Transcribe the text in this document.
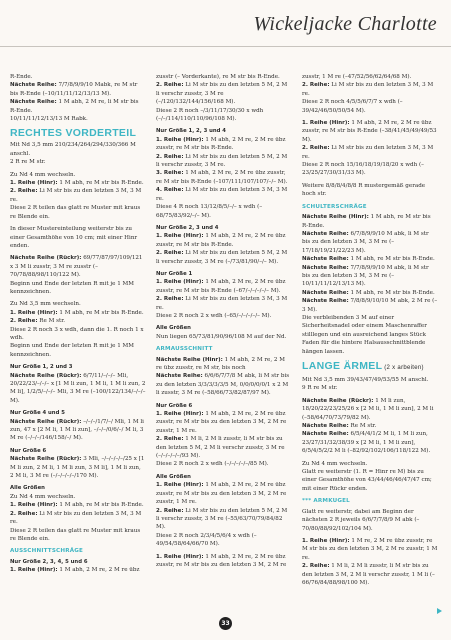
Wickeljacke Charlotte

R-Ende.

Nächste Reihe: 7/7/8/9/9/10 Mabk, re M str bis R-Ende (–10/11/11/12/13/13 M).

Nächste Reihe: 1 M abh, 2 M re, li M str bis R-Ende.

10/11/11/12/13/13 M Rabk.

RECHTES VORDERTEIL

Mit Nd 3,5 mm 210/234/264/294/330/366 M anschl.

2 R re M str.

Zu Nd 4 mm wechseln.

1. Reihe (Hinr): 1 M abh, re M str bis R-Ende.

2. Reihe: Li M str bis zu den letzten 3 M, 3 M re.

Diese 2 R teilen das glatt re Muster mit kraus re Blende ein.

In dieser Mustereinteilung weiterstr bis zu einer Gesamthöhe von 10 cm; mit einer Hinr enden.

Nächste Reihe (Rückr): 69/77/87/97/109/121 x 3 M li zusstr, 3 M re zusstr (–70/78/88/98/110/122 M).

Beginn und Ende der letzten R mit je 1 MM kennzeichnen.

Zu Nd 3,5 mm wechseln.

1. Reihe (Hinr): 1 M abh, re M str bis R-Ende.

2. Reihe: Re M str.

Diese 2 R noch 3 x wdh, dann die 1. R noch 1 x wdh.

Beginn und Ende der letzten R mit je 1 MM kennzeichnen.

Nur Größe 1, 2 und 3

Nächste Reihe (Rückr): 6/7/11/–/–/– Mli, 20/22/23/–/–/– x [1 M li zun, 1 M li, 1 M li zun, 2 M li], 1/2/5/–/–/– Mli, 3 M re (–100/122/134/–/–/– M).

Nur Größe 4 und 5

Nächste Reihe (Rückr): –/–/–/1/7/–/ Mli, 1 M li zun, 47 x [2 M li, 1 M li zun], –/–/–/0/6/–/ M li, 3 M re (–/–/–/146/158/–/ M).

Nur Größe 6

Nächste Reihe (Rückr): 3 Mli, –/–/–/–/–/25 x [1 M li zun, 2 M li, 1 M li zun, 3 M li], 1 M li zun, 2 M li, 3 M re (–/–/–/–/–/170 M).

Alle Größen

Zu Nd 4 mm wechseln.

1. Reihe (Hinr): 1 M abh, re M str bis R-Ende.

2. Reihe: Li M str bis zu den letzten 3 M, 3 M re.

Diese 2 R teilen das glatt re Muster mit kraus re Blende ein.

AUSSCHNITTSCHRÄGE

Nur Größe 2, 3, 4, 5 und 6

1. Reihe (Hinr): 1 M abh, 2 M re, 2 M re übz

zusstr (– Vorderkante), re M str bis R-Ende.

2. Reihe: Li M str bis zu den letzten 5 M, 2 M li verschr zusstr, 3 M re (–/120/132/144/156/168 M).

Diese 2 R noch –/3/11/17/30/30 x wdh (–/–/114/110/110/96/108 M).

Nur Größe 1, 2, 3 und 4

1. Reihe (Hinr): 1 M abh, 2 M re, 2 M re übz zusstr, re M str bis R-Ende.

2. Reihe: Li M str bis zu den letzten 5 M, 2 M li verschr zusstr, 3 M re.

3. Reihe: 1 M abh, 2 M re, 2 M re übz zusstr, re M str bis R-Ende (–107/111/107/107/–/– M).

4. Reihe: Li M str bis zu den letzten 3 M, 3 M re.

Diese 4 R noch 13/12/8/5/–/– x wdh (–68/75/83/92/–/– M).

Nur Größe 2, 3 und 4

1. Reihe (Hinr): 1 M abh, 2 M re, 2 M re übz zusstr, re M str bis R-Ende.

2. Reihe: Li M str bis zu den letzten 5 M, 2 M li verschr zusstr, 3 M re (–/73/81/90/–/– M).

Nur Größe 1

1. Reihe (Hinr): 1 M abh, 2 M re, 2 M re übz zusstr, re M str bis R-Ende (–67/–/–/–/–/– M).

2. Reihe: Li M str bis zu den letzten 3 M, 3 M re.

Diese 2 R noch 2 x wdh (–65/–/–/–/–/– M).

Alle Größen

Nun liegen 65/73/81/90/96/108 M auf der Nd.

ARMAUSSCHNITT

Nächste Reihe (Hinr): 1 M abh, 2 M re, 2 M re übz zusstr, re M str, bis noch

Nächste Reihe: 6/6/6/7/7/8 M abk, li M str bis zu den letzten 3/3/3/3/3/5 M, 0/0/0/0/0/1 x 2 M li zusstr, 3 M re (–58/66/73/82/87/97 M).

Nur Größe 6

1. Reihe (Hinr): 1 M abh, 2 M re, 2 M re übz zusstr, re M str bis zu den letzten 3 M, 2 M re zusstr, 1 M re.

2. Reihe: 1 M li, 2 M li zusstr, li M str bis zu den letzten 5 M, 2 M li verschr zusstr, 3 M re (–/–/–/–/–/93 M).

Diese 2 R noch 2 x wdh (–/–/–/–/–/85 M).

Alle Größen

1. Reihe (Hinr): 1 M abh, 2 M re, 2 M re übz zusstr, re M str bis zu den letzten 3 M, 2 M re zusstr, 1 M re.

2. Reihe: Li M str bis zu den letzten 5 M, 2 M li verschr zusstr, 3 M re (–55/63/70/79/84/82 M).

Diese 2 R noch 2/3/4/5/6/4 x wdh (–49/54/58/64/66/70 M).

1. Reihe (Hinr): 1 M abh, 2 M re, 2 M re übz zusstr, re M str bis zu den letzten 3 M, 2 M re

zusstr, 1 M re (–47/52/56/62/64/68 M).

2. Reihe: Li M str bis zu den letzten 3 M, 3 M re.

Diese 2 R noch 4/5/5/6/7/7 x wdh (–39/42/46/50/50/54 M).

1. Reihe (Hinr): 1 M abh, 2 M re, 2 M re übz zusstr, re M str bis R-Ende (–38/41/45/49/49/53 M).

2. Reihe: Li M str bis zu den letzten 3 M, 3 M re.

Diese 2 R noch 15/16/18/19/18/20 x wdh (–23/25/27/30/31/33 M).

Weitere 8/8/8/4/8/8 R mustergemäß gerade hoch str.

SCHULTERSCHRÄGE

Nächste Reihe (Hinr): 1 M abh, re M str bis R-Ende.

Nächste Reihe: 6/7/8/9/9/10 M abk, li M str bis zu den letzten 3 M, 3 M re (–17/18/19/21/22/23 M).

Nächste Reihe: 1 M abh, re M str bis R-Ende.

Nächste Reihe: 7/7/8/9/9/10 M abk, li M str bis zu den letzten 3 M, 3 M re (–10/11/11/12/13/13 M).

Nächste Reihe: 1 M abh, re M str bis R-Ende.

Nächste Reihe: 7/8/8/9/10/10 M abk, 2 M re (–3 M).

Die verbleibenden 3 M auf einer Sicherheitsnadel oder einem Maschenraffer stilllegen und ein ausreichend langes Stück Faden für die hintere Halsausschnittblende hängen lassen.

LANGE ÄRMEL (2 x arbeiten)

Mit Nd 3,5 mm 39/43/47/49/53/55 M anschl.

9 R re M str.

Nächste Reihe (Rückr): 1 M li zun, 18/20/22/23/25/26 x [2 M li, 1 M li zun], 2 M li (–58/64/70/73/79/82 M).

Nächste Reihe: Re M str.

Nächste Reihe: 6/5/4/4/1/2 M li, 1 M li zun, 23/27/31/32/38/39 x [2 M li, 1 M li zun], 6/5/4/5/2/2 M li (–82/92/102/106/118/122 M).

Zu Nd 4 mm wechseln.

Glatt re weiterstr (1. R = Hinr re M) bis zu einer Gesamthöhe von 43/44/46/46/47/47 cm; mit einer Rückr enden.

*** ARMKUGEL

Glatt re weiterstr, dabei am Beginn der nächsten 2 R jeweils 6/6/7/7/8/9 M abk (–70/80/88/92/102/104 M).

1. Reihe (Hinr): 1 M re, 2 M re übz zusstr, re M str bis zu den letzten 3 M, 2 M re zusstr, 1 M re.

2. Reihe: 1 M li, 2 M li zusstr, li M str bis zu den letzten 3 M, 2 M li verschr zusstr, 1 M li (–66/76/84/88/98/100 M).

33
